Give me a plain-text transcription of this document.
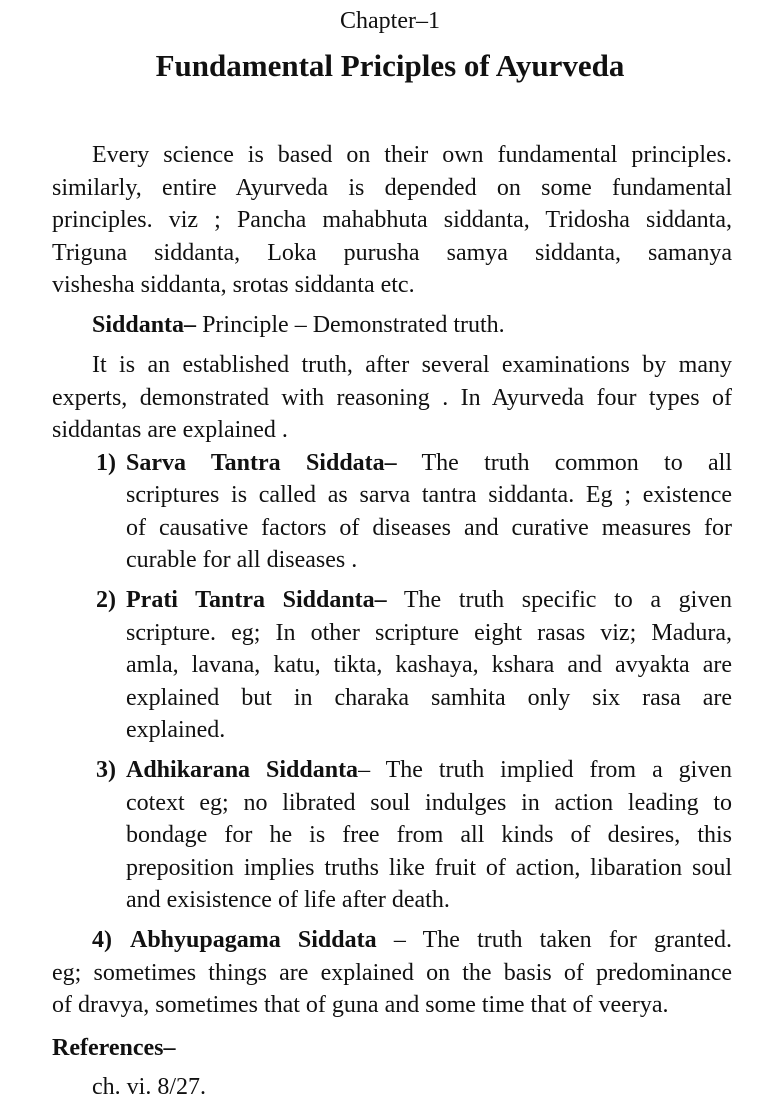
Chapter–1
Fundamental Priciples of Ayurveda
Every science is based on their own fundamental principles.
similarly, entire Ayurveda is depended on some fundamental
principles. viz ; Pancha mahabhuta siddanta, Tridosha siddanta,
Triguna siddanta, Loka purusha samya siddanta, samanya
vishesha siddanta, srotas siddanta etc.
Siddanta– Principle – Demonstrated truth.
It is an established truth, after several examinations by many
experts, demonstrated with reasoning . In Ayurveda four types of
siddantas are explained .
1) Sarva Tantra Siddata– The truth common to all
scriptures is called as sarva tantra siddanta. Eg ; existence
of causative factors of diseases and curative measures for
curable for all diseases .
2) Prati Tantra Siddanta– The truth specific to a given
scripture. eg; In other scripture eight rasas viz; Madura,
amla, lavana, katu, tikta, kashaya, kshara and avyakta are
explained but in charaka samhita only six rasa are
explained.
3) Adhikarana Siddanta– The truth implied from a given
cotext eg; no librated soul indulges in action leading to
bondage for he is free from all kinds of desires, this
preposition implies truths like fruit of action, libaration soul
and exisistence of life after death.
4) Abhyupagama Siddata – The truth taken for granted.
eg; sometimes things are explained on the basis of predominance
of dravya, sometimes that of guna and some time that of veerya.
References–
ch. vi. 8/27.
